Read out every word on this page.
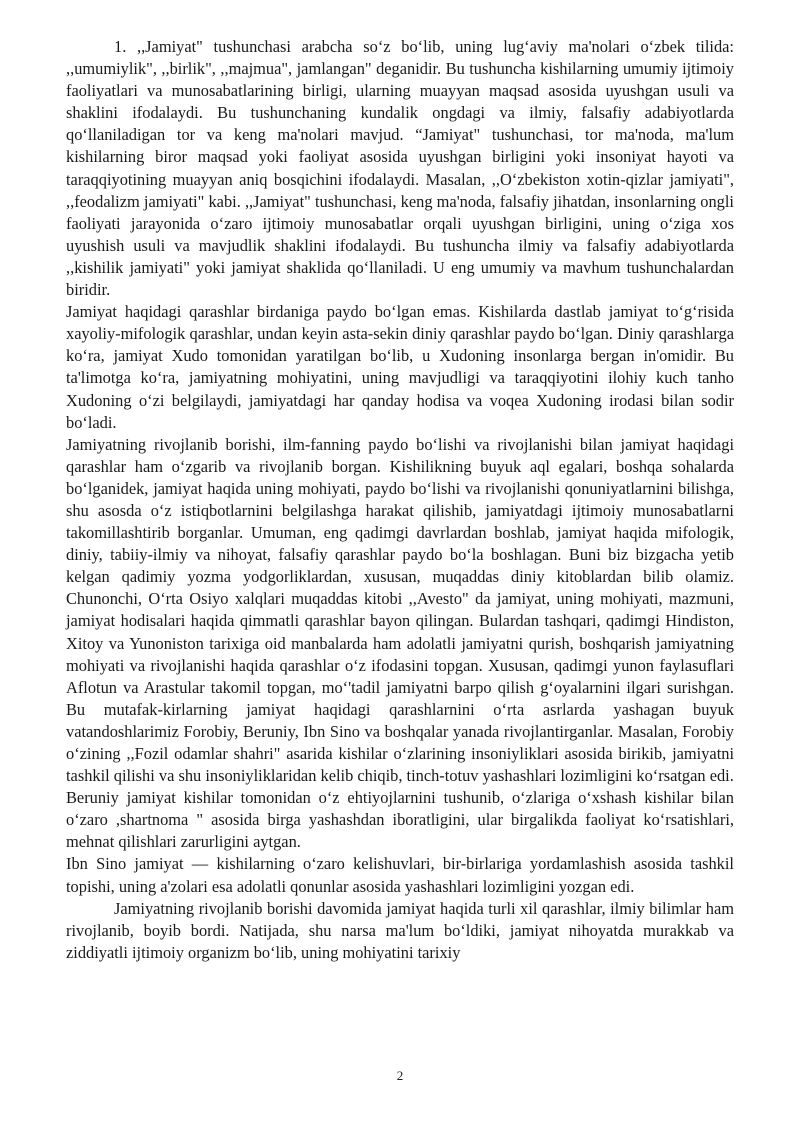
1. ,,Jamiyat" tushunchasi arabcha so‘z bo‘lib, uning lug‘aviy ma'nolari o‘zbek tilida: ,,umumiylik", ,,birlik", ,,majmua", jamlangan" deganidir. Bu tushuncha kishilarning umumiy ijtimoiy faoliyatlari va munosabatlarining birligi, ularning muayyan maqsad asosida uyushgan usuli va shaklini ifodalaydi. Bu tushunchaning kundalik ongdagi va ilmiy, falsafiy adabiyotlarda qo‘llaniladigan tor va keng ma'nolari mavjud. “Jamiyat" tushunchasi, tor ma'noda, ma'lum kishilarning biror maqsad yoki faoliyat asosida uyushgan birligini yoki insoniyat hayoti va taraqqiyotining muayyan aniq bosqichini ifodalaydi. Masalan, ,,O‘zbekiston xotin-qizlar jamiyati", ,,feodalizm jamiyati" kabi. ,,Jamiyat" tushunchasi, keng ma'noda, falsafiy jihatdan, insonlarning ongli faoliyati jarayonida o‘zaro ijtimoiy munosabatlar orqali uyushgan birligini, uning o‘ziga xos uyushish usuli va mavjudlik shaklini ifodalaydi. Bu tushuncha ilmiy va falsafiy adabiyotlarda ,,kishilik jamiyati" yoki jamiyat shaklida qo‘llaniladi. U eng umumiy va mavhum tushunchalardan biridir.

Jamiyat haqidagi qarashlar birdaniga paydo bo‘lgan emas. Kishilarda dastlab jamiyat to‘g‘risida xayoliy-mifologik qarashlar, undan keyin asta-sekin diniy qarashlar paydo bo‘lgan. Diniy qarashlarga ko‘ra, jamiyat Xudo tomonidan yaratilgan bo‘lib, u Xudoning insonlarga bergan in'omidir. Bu ta'limotga ko‘ra, jamiyatning mohiyatini, uning mavjudligi va taraqqiyotini ilohiy kuch tanho Xudoning o‘zi belgilaydi, jamiyatdagi har qanday hodisa va voqea Xudoning irodasi bilan sodir bo‘ladi.

Jamiyatning rivojlanib borishi, ilm-fanning paydo bo‘lishi va rivojlanishi bilan jamiyat haqidagi qarashlar ham o‘zgarib va rivojlanib borgan. Kishilikning buyuk aql egalari, boshqa sohalarda bo‘lganidek, jamiyat haqida uning mohiyati, paydo bo‘lishi va rivojlanishi qonuniyatlarnini bilishga, shu asosda o‘z istiqbotlarnini belgilashga harakat qilishib, jamiyatdagi ijtimoiy munosabatlarni takomillashtirib borganlar. Umuman, eng qadimgi davrlardan boshlab, jamiyat haqida mifologik, diniy, tabiiy-ilmiy va nihoyat, falsafiy qarashlar paydo bo‘la boshlagan. Buni biz bizgacha yetib kelgan qadimiy yozma yodgorliklardan, xususan, muqaddas diniy kitoblardan bilib olamiz. Chunonchi, O‘rta Osiyo xalqlari muqaddas kitobi ,,Avesto" da jamiyat, uning mohiyati, mazmuni, jamiyat hodisalari haqida qimmatli qarashlar bayon qilingan. Bulardan tashqari, qadimgi Hindiston, Xitoy va Yunoniston tarixiga oid manbalarda ham adolatli jamiyatni qurish, boshqarish jamiyatning mohiyati va rivojlanishi haqida qarashlar o‘z ifodasini topgan. Xususan, qadimgi yunon faylasuflari Aflotun va Arastular takomil topgan, mo‘'tadil jamiyatni barpo qilish g‘oyalarnini ilgari surishgan. Bu mutafak-kirlarning jamiyat haqidagi qarashlarnini o‘rta asrlarda yashagan buyuk vatandoshlarimiz Forobiy, Beruniy, Ibn Sino va boshqalar yanada rivojlantirganlar. Masalan, Forobiy o‘zining ,,Fozil odamlar shahri" asarida kishilar o‘zlarining insoniyliklari asosida birikib, jamiyatni tashkil qilishi va shu insoniyliklaridan kelib chiqib, tinch-totuv yashashlari lozimligini ko‘rsatgan edi.

Beruniy jamiyat kishilar tomonidan o‘z ehtiyojlarnini tushunib, o‘zlariga o‘xshash kishilar bilan o‘zaro ,shartnoma " asosida birga yashashdan iboratligini, ular birgalikda faoliyat ko‘rsatishlari, mehnat qilishlari zarurligini aytgan.

Ibn Sino jamiyat — kishilarning o‘zaro kelishuvlari, bir-birlariga yordamlashish asosida tashkil topishi, uning a'zolari esa adolatli qonunlar asosida yashashlari lozimligini yozgan edi.

Jamiyatning rivojlanib borishi davomida jamiyat haqida turli xil qarashlar, ilmiy bilimlar ham rivojlanib, boyib bordi. Natijada, shu narsa ma'lum bo‘ldiki, jamiyat nihoyatda murakkab va ziddiyatli ijtimoiy organizm bo‘lib, uning mohiyatini tarixiy

2
